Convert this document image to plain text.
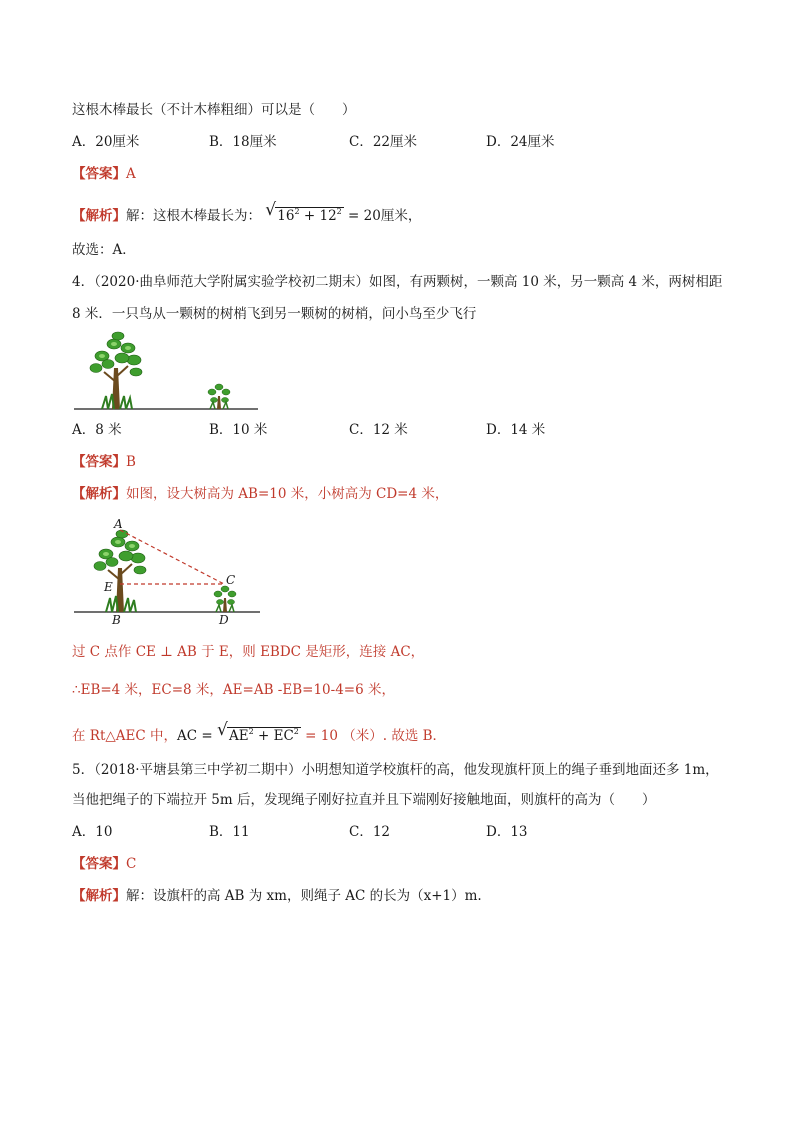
这根木棒最长（不计木棒粗细）可以是（　　）
A．20厘米	B．18厘米	C．22厘米	D．24厘米
【答案】A
【解析】解：这根木棒最长为： √ $16^2 + 12^2 = 20$厘米，
故选：A．
4．（2020·曲阜师范大学附属实验学校初二期末）如图，有两颗树，一颗高 10 米，另一颗高 4 米，两树相距
8 米．一只鸟从一颗树的树梢飞到另一颗树的树梢，问小鸟至少飞行
A．8 米	B．10 米	C．12 米	D．14 米
【答案】B
【解析】如图，设大树高为 AB=10 米，小树高为 CD=4 米，
A
E
B
C
D
过 C 点作 CE ⊥ AB 于 E，则 EBDC 是矩形，连接 AC，
∴EB=4 米，EC=8 米，AE=AB -EB=10-4=6 米，
在 Rt△AEC 中，AC = √ $AE^2 + EC^2 = 10$ （米）. 故选 B．
5．（2018·平塘县第三中学初二期中）小明想知道学校旗杆的高，他发现旗杆顶上的绳子垂到地面还多 1m，
当他把绳子的下端拉开 5m 后，发现绳子刚好拉直并且下端刚好接触地面，则旗杆的高为（　　）
A．10	B．11	C．12	D．13
【答案】C
【解析】解：设旗杆的高 AB 为 xm，则绳子 AC 的长为（x+1）m.
